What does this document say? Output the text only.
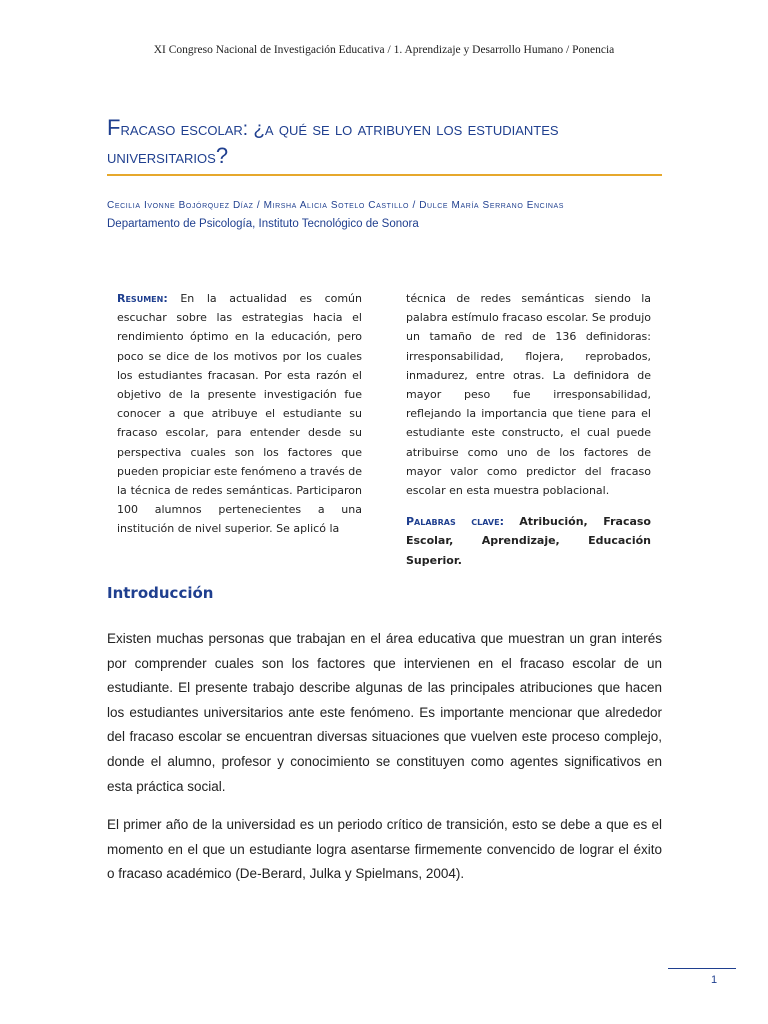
XI Congreso Nacional de Investigación Educativa / 1. Aprendizaje y Desarrollo Humano / Ponencia
Fracaso escolar: ¿a qué se lo atribuyen los estudiantes
universitarios?
Cecilia Ivonne Bojórquez Díaz / Mirsha Alicia Sotelo Castillo / Dulce María Serrano Encinas
Departamento de Psicología, Instituto Tecnológico de Sonora
Resumen: En la actualidad es común escuchar sobre las estrategias hacia el rendimiento óptimo en la educación, pero poco se dice de los motivos por los cuales los estudiantes fracasan. Por esta razón el objetivo de la presente investigación fue conocer a que atribuye el estudiante su fracaso escolar, para entender desde su perspectiva cuales son los factores que pueden propiciar este fenómeno a través de la técnica de redes semánticas. Participaron 100 alumnos pertenecientes a una institución de nivel superior. Se aplicó la
técnica de redes semánticas siendo la palabra estímulo fracaso escolar. Se produjo un tamaño de red de 136 definidoras: irresponsabilidad, flojera, reprobados, inmadurez, entre otras. La definidora de mayor peso fue irresponsabilidad, reflejando la importancia que tiene para el estudiante este constructo, el cual puede atribuirse como uno de los factores de mayor valor como predictor del fracaso escolar en esta muestra poblacional.
Palabras clave: Atribución, Fracaso Escolar, Aprendizaje, Educación Superior.
Introducción

Existen muchas personas que trabajan en el área educativa que muestran un gran interés por comprender cuales son los factores que intervienen en el fracaso escolar de un estudiante. El presente trabajo describe algunas de las principales atribuciones que hacen los estudiantes universitarios ante este fenómeno. Es importante mencionar que alrededor del fracaso escolar se encuentran diversas situaciones que vuelven este proceso complejo, donde el alumno, profesor y conocimiento se constituyen como agentes significativos en esta práctica social.

El primer año de la universidad es un periodo crítico de transición, esto se debe a que es el momento en el que un estudiante logra asentarse firmemente convencido de lograr el éxito o fracaso académico (De-Berard, Julka y Spielmans, 2004).

1
